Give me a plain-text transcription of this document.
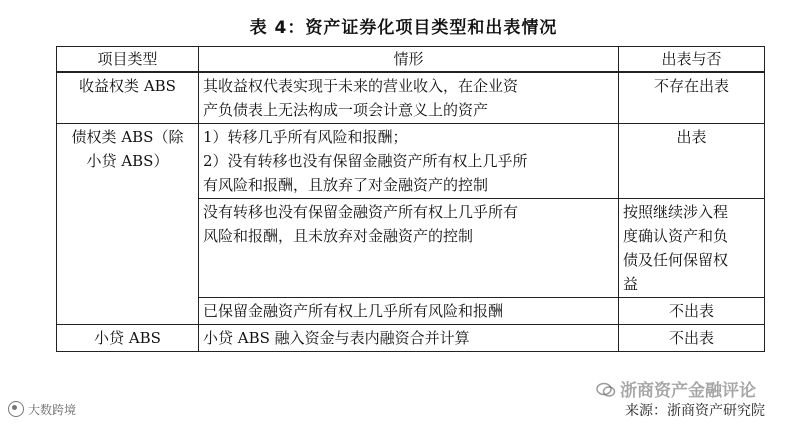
表 4：资产证券化项目类型和出表情况
项目类型	情形	出表与否
收益权类 ABS	其收益权代表实现于未来的营业收入，在企业资
产负债表上无法构成一项会计意义上的资产	不存在出表

债权类 ABS（除
小贷 ABS）	1）转移几乎所有风险和报酬；
2）没有转移也没有保留金融资产所有权上几乎所
有风险和报酬，且放弃了对金融资产的控制	出表

	没有转移也没有保留金融资产所有权上几乎所有
风险和报酬，且未放弃对金融资产的控制	按照继续涉入程
度确认资产和负
债及任何保留权
益

	已保留金融资产所有权上几乎所有风险和报酬	不出表
小贷 ABS	小贷 ABS 融入资金与表内融资合并计算	不出表
大数跨境
浙商资产金融评论
来源：浙商资产研究院
